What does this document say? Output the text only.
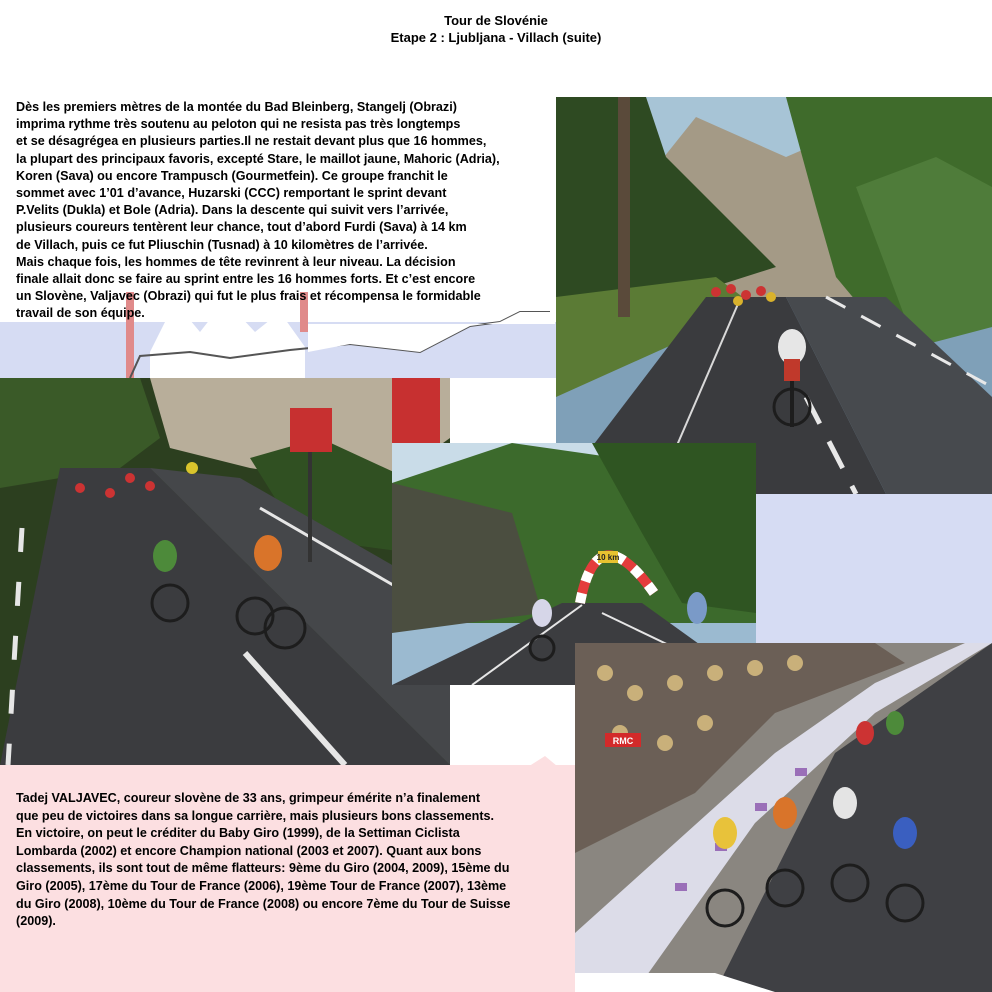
Tour de Slovénie
Etape 2 : Ljubljana - Villach (suite)
Dès les premiers mètres de la montée du Bad Bleinberg, Stangelj (Obrazi)
imprima rythme très soutenu au peloton qui ne resista pas très longtemps
et se désagrégea en plusieurs parties.Il ne restait devant plus que 16 hommes,
la plupart des principaux favoris, excepté Stare, le maillot jaune, Mahoric (Adria),
Koren (Sava) ou encore Trampusch (Gourmetfein). Ce groupe franchit le
sommet avec 1’01 d’avance, Huzarski (CCC) remportant le sprint devant
P.Velits (Dukla) et Bole (Adria). Dans la descente qui suivit vers l’arrivée,
plusieurs coureurs tentèrent leur chance, tout d’abord Furdi (Sava) à 14 km
de Villach, puis ce fut Pliuschin (Tusnad) à 10 kilomètres de l’arrivée.
Mais chaque fois, les hommes de tête revinrent à leur niveau. La décision
finale allait donc se faire au sprint entre les 16 hommes forts. Et c’est encore
un Slovène, Valjavec (Obrazi) qui fut le plus frais et récompensa le formidable
travail de son équipe.
Tadej VALJAVEC, coureur slovène de 33 ans, grimpeur émérite n’a finalement
que peu de victoires dans sa longue carrière, mais plusieurs bons classements.
En victoire, on peut le créditer du Baby Giro (1999), de la Settiman Ciclista
Lombarda (2002) et encore Champion national (2003 et 2007). Quant aux bons
classements, ils sont tout de même flatteurs: 9ème du Giro (2004, 2009), 15ème du
Giro (2005), 17ème du Tour de France (2006), 19ème Tour de France (2007), 13ème
du Giro (2008), 10ème du Tour de France (2008) ou encore 7ème du Tour de Suisse
(2009).
10 km
RMC
